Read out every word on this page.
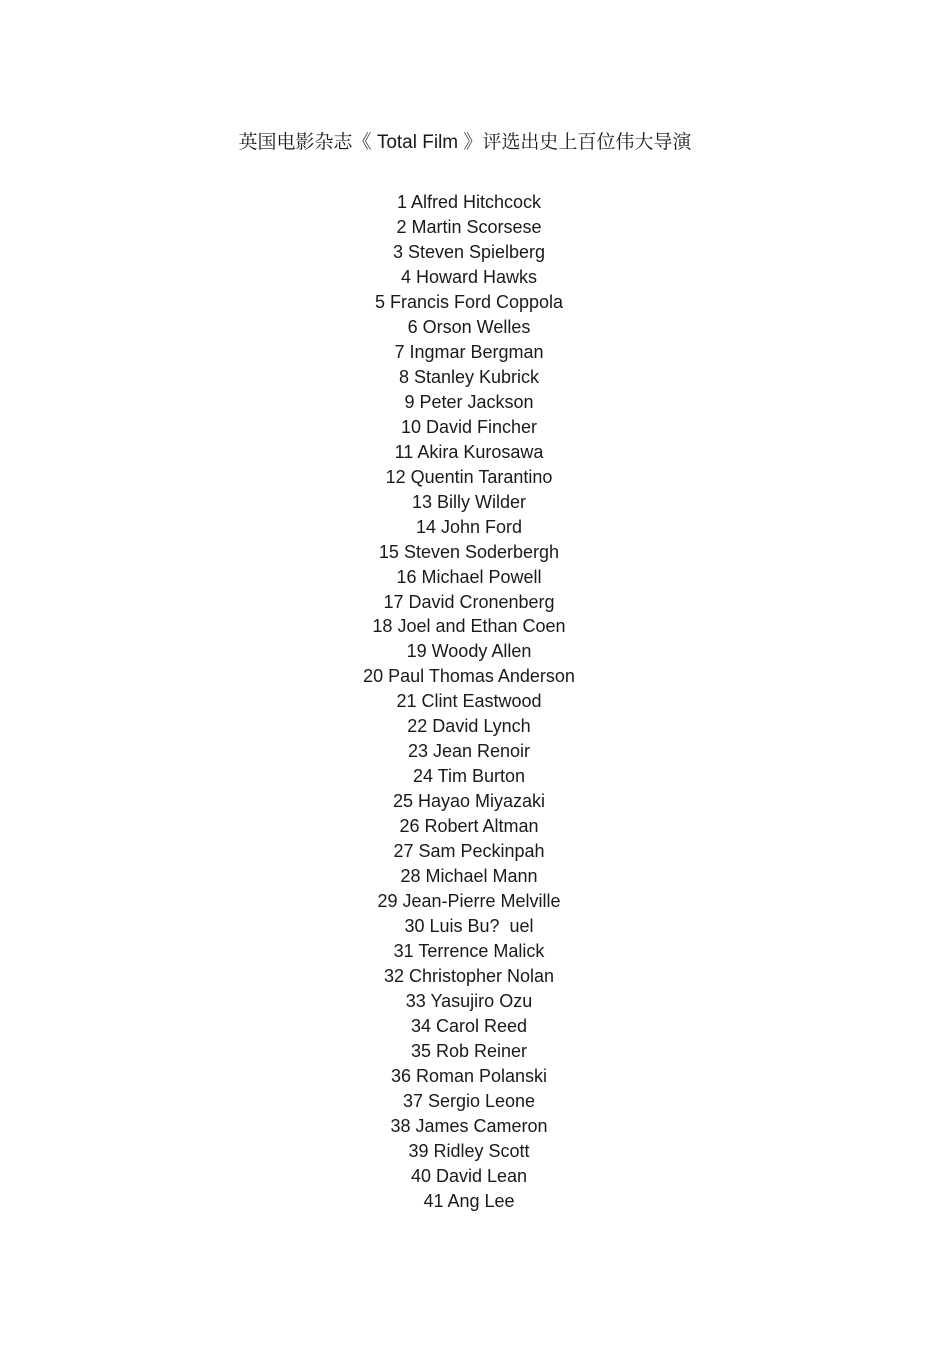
英国电影杂志《 Total Film 》评选出史上百位伟大导演
1 Alfred Hitchcock
2 Martin Scorsese
3 Steven Spielberg
4 Howard Hawks
5 Francis Ford Coppola
6 Orson Welles
7 Ingmar Bergman
8 Stanley Kubrick
9 Peter Jackson
10 David Fincher
11 Akira Kurosawa
12 Quentin Tarantino
13 Billy Wilder
14 John Ford
15 Steven Soderbergh
16 Michael Powell
17 David Cronenberg
18 Joel and Ethan Coen
19 Woody Allen
20 Paul Thomas Anderson
21 Clint Eastwood
22 David Lynch
23 Jean Renoir
24 Tim Burton
25 Hayao Miyazaki
26 Robert Altman
27 Sam Peckinpah
28 Michael Mann
29 Jean-Pierre Melville
30 Luis Bu?  uel
31 Terrence Malick
32 Christopher Nolan
33 Yasujiro Ozu
34 Carol Reed
35 Rob Reiner
36 Roman Polanski
37 Sergio Leone
38 James Cameron
39 Ridley Scott
40 David Lean
41 Ang Lee
